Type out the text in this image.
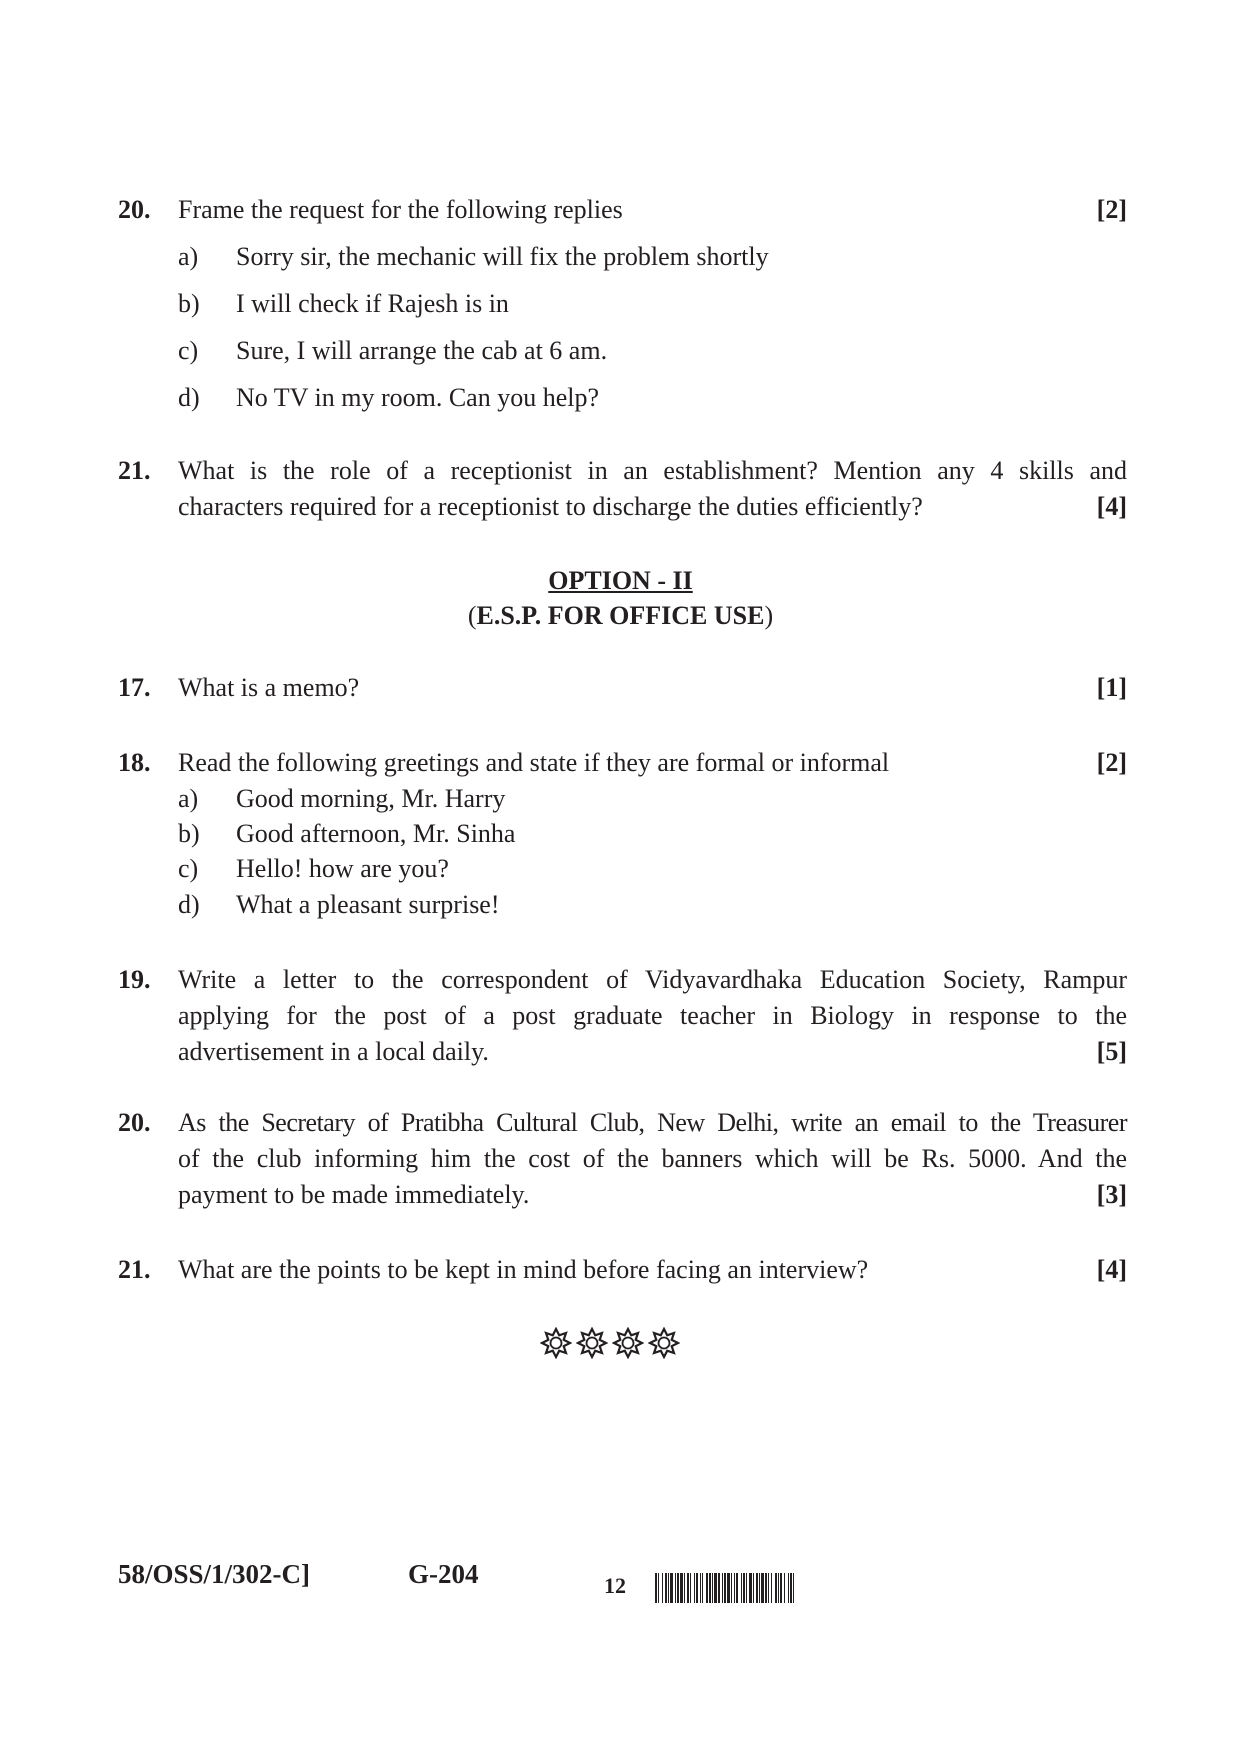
20. Frame the request for the following replies	[2]
a) Sorry sir, the mechanic will fix the problem shortly
b) I will check if Rajesh is in
c) Sure, I will arrange the cab at 6 am.
d) No TV in my room. Can you help?
21. What is the role of a receptionist in an establishment? Mention any 4 skills and
characters required for a receptionist to discharge the duties efficiently?	[4]
OPTION - II
(E.S.P. FOR OFFICE USE)
17. What is a memo?	[1]
18. Read the following greetings and state if they are formal or informal	[2]
a) Good morning, Mr. Harry
b) Good afternoon, Mr. Sinha
c) Hello! how are you?
d) What a pleasant surprise!
19. Write a letter to the correspondent of Vidyavardhaka Education Society, Rampur
applying for the post of a post graduate teacher in Biology in response to the
advertisement in a local daily.	[5]
20. As the Secretary of Pratibha Cultural Club, New Delhi, write an email to the Treasurer
of the club informing him the cost of the banners which will be Rs. 5000. And the
payment to be made immediately.	[3]
21. What are the points to be kept in mind before facing an interview?	[4]
58/OSS/1/302-C]	G-204	12
